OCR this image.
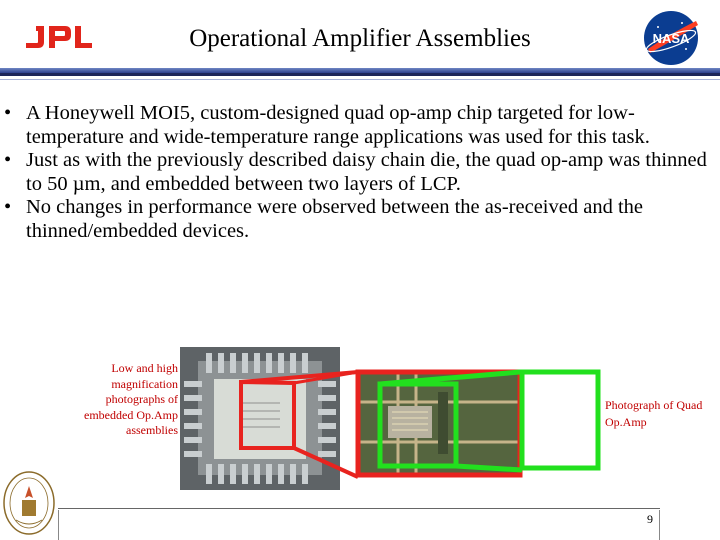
Operational Amplifier Assemblies	NASA
• A Honeywell MOI5, custom-designed quad op-amp chip targeted for low-temperature and wide-temperature range applications was used for this task.
• Just as with the previously described daisy chain die, the quad op-amp was thinned to 50 µm, and embedded between two layers of LCP.
• No changes in performance were observed between the as-received and the thinned/embedded devices.
Low and high magnification photographs of embedded Op.Amp assemblies
Photograph of Quad Op.Amp
9
